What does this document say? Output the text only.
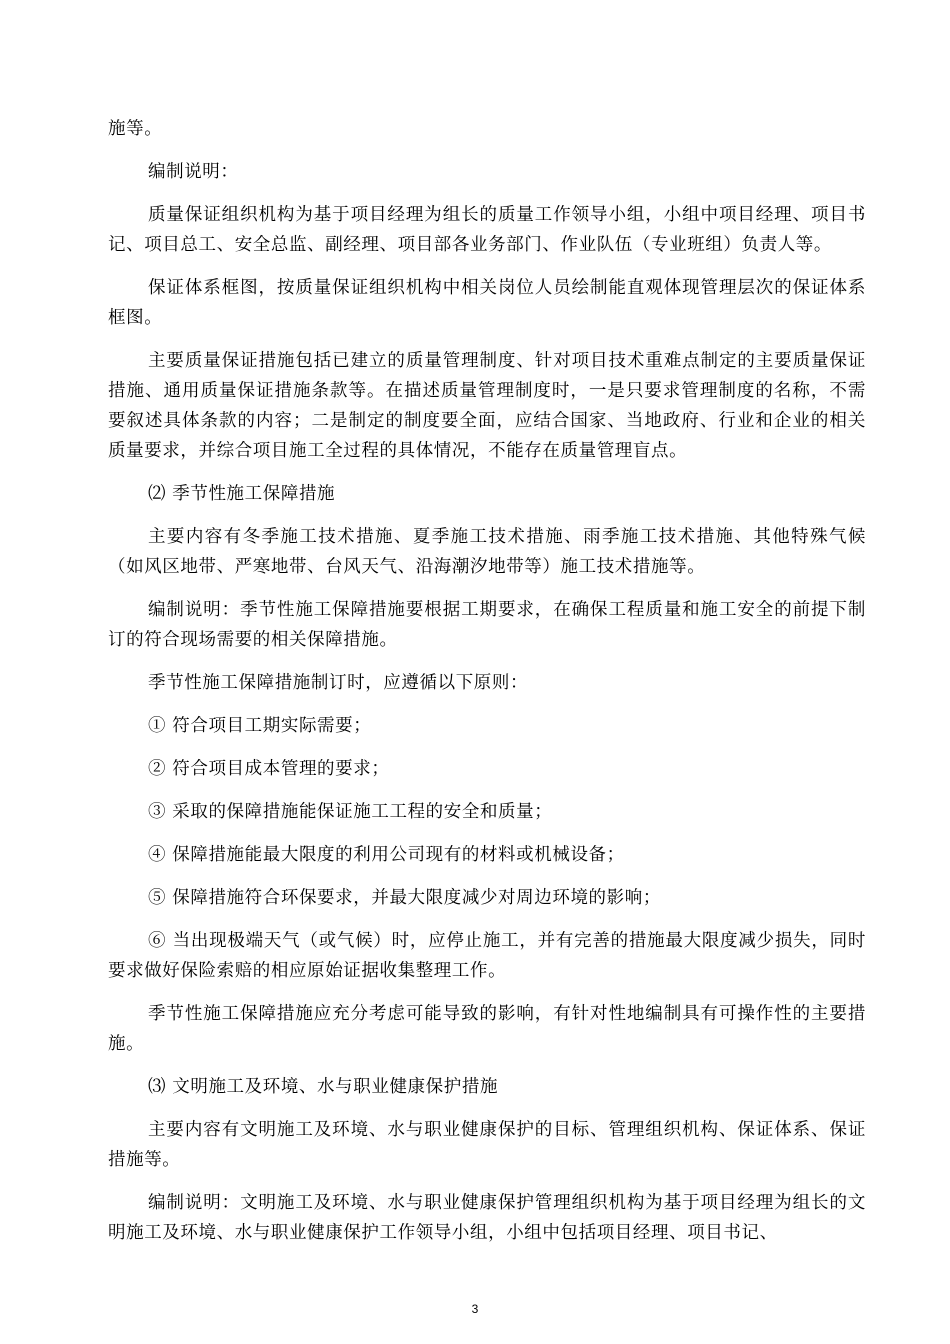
施等。

编制说明：

质量保证组织机构为基于项目经理为组长的质量工作领导小组，小组中项目经理、项目书记、项目总工、安全总监、副经理、项目部各业务部门、作业队伍（专业班组）负责人等。

保证体系框图，按质量保证组织机构中相关岗位人员绘制能直观体现管理层次的保证体系框图。

主要质量保证措施包括已建立的质量管理制度、针对项目技术重难点制定的主要质量保证措施、通用质量保证措施条款等。在描述质量管理制度时，一是只要求管理制度的名称，不需要叙述具体条款的内容；二是制定的制度要全面，应结合国家、当地政府、行业和企业的相关质量要求，并综合项目施工全过程的具体情况，不能存在质量管理盲点。

⑵ 季节性施工保障措施

主要内容有冬季施工技术措施、夏季施工技术措施、雨季施工技术措施、其他特殊气候（如风区地带、严寒地带、台风天气、沿海潮汐地带等）施工技术措施等。

编制说明：季节性施工保障措施要根据工期要求，在确保工程质量和施工安全的前提下制订的符合现场需要的相关保障措施。

季节性施工保障措施制订时，应遵循以下原则：

① 符合项目工期实际需要；

② 符合项目成本管理的要求；

③ 采取的保障措施能保证施工工程的安全和质量；

④ 保障措施能最大限度的利用公司现有的材料或机械设备；

⑤ 保障措施符合环保要求，并最大限度减少对周边环境的影响；

⑥ 当出现极端天气（或气候）时，应停止施工，并有完善的措施最大限度减少损失，同时要求做好保险索赔的相应原始证据收集整理工作。

季节性施工保障措施应充分考虑可能导致的影响，有针对性地编制具有可操作性的主要措施。

⑶ 文明施工及环境、水与职业健康保护措施

主要内容有文明施工及环境、水与职业健康保护的目标、管理组织机构、保证体系、保证措施等。

编制说明：文明施工及环境、水与职业健康保护管理组织机构为基于项目经理为组长的文明施工及环境、水与职业健康保护工作领导小组，小组中包括项目经理、项目书记、

3
